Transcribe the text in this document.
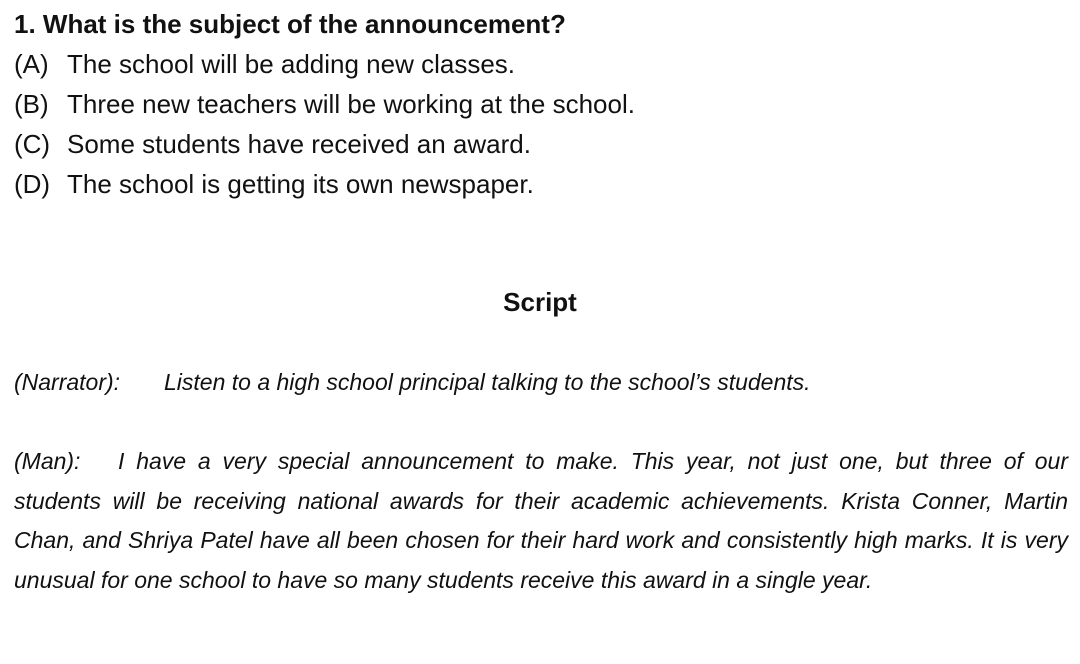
1. What is the subject of the announcement?
(A) The school will be adding new classes.
(B) Three new teachers will be working at the school.
(C) Some students have received an award.
(D) The school is getting its own newspaper.
Script
(Narrator): Listen to a high school principal talking to the school’s students.
(Man): I have a very special announcement to make. This year, not just one, but three of our students will be receiving national awards for their academic achievements. Krista Conner, Martin Chan, and Shriya Patel have all been chosen for their hard work and consistently high marks. It is very unusual for one school to have so many students receive this award in a single year.
